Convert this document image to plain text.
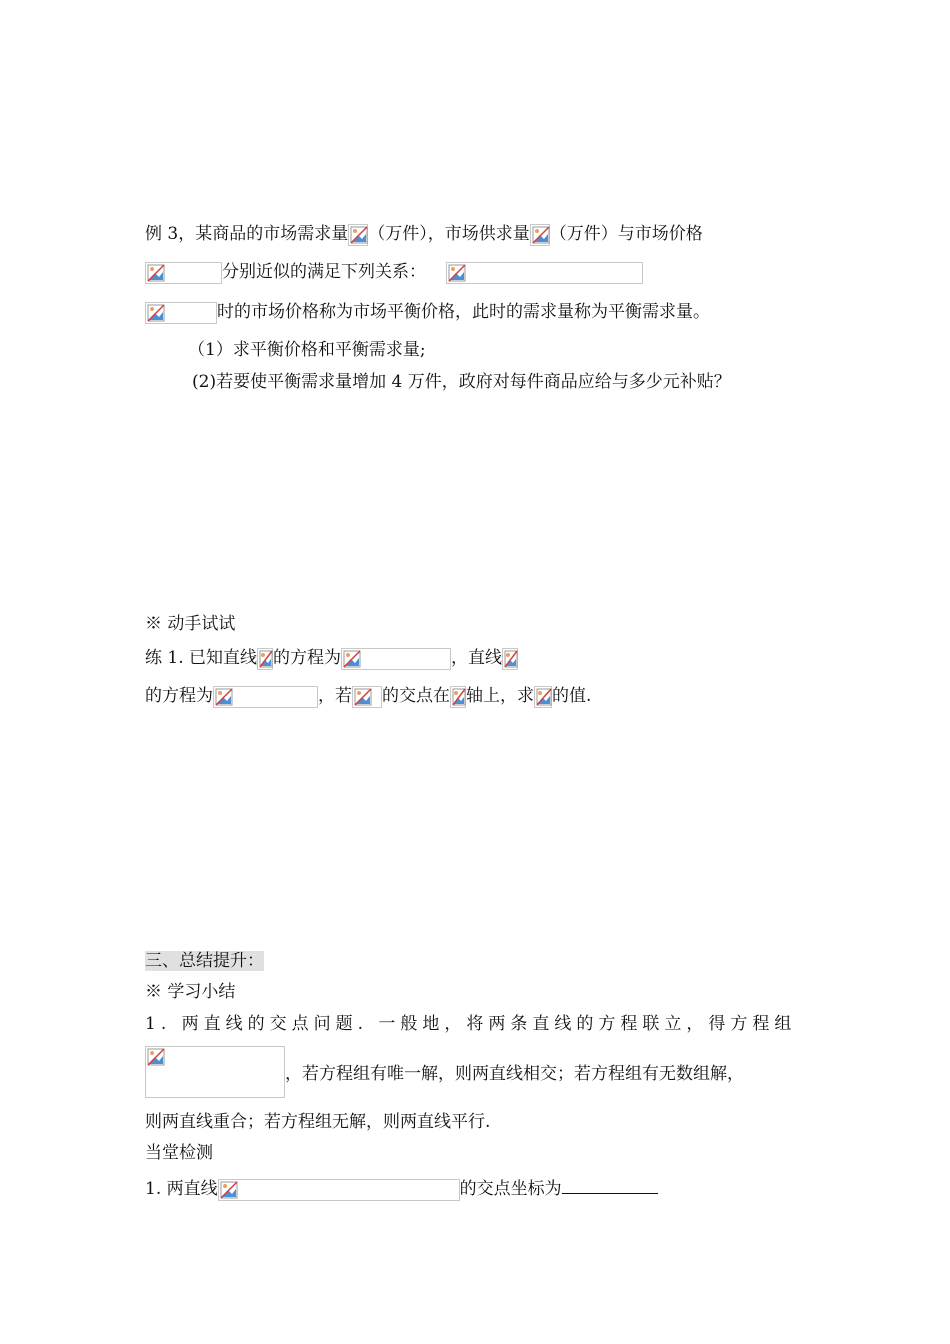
例 3，某商品的市场需求量 （万件），市场供求量 （万件）与市场价格
分别近似的满足下列关系：
时的市场价格称为市场平衡价格，此时的需求量称为平衡需求量。
（1）求平衡价格和平衡需求量;
(2)若要使平衡需求量增加 4 万件，政府对每件商品应给与多少元补贴？
※ 动手试试
练 1. 已知直线 的方程为	，直线
的方程为	，若 的交点在 轴上，求 的值.
三、总结提升：
※ 学习小结
1. 两直线的交点问题. 一般地，将两条直线的方程联立，得方程组
，若方程组有唯一解，则两直线相交；若方程组有无数组解，
则两直线重合；若方程组无解，则两直线平行.
当堂检测
1. 两直线	的交点坐标为
